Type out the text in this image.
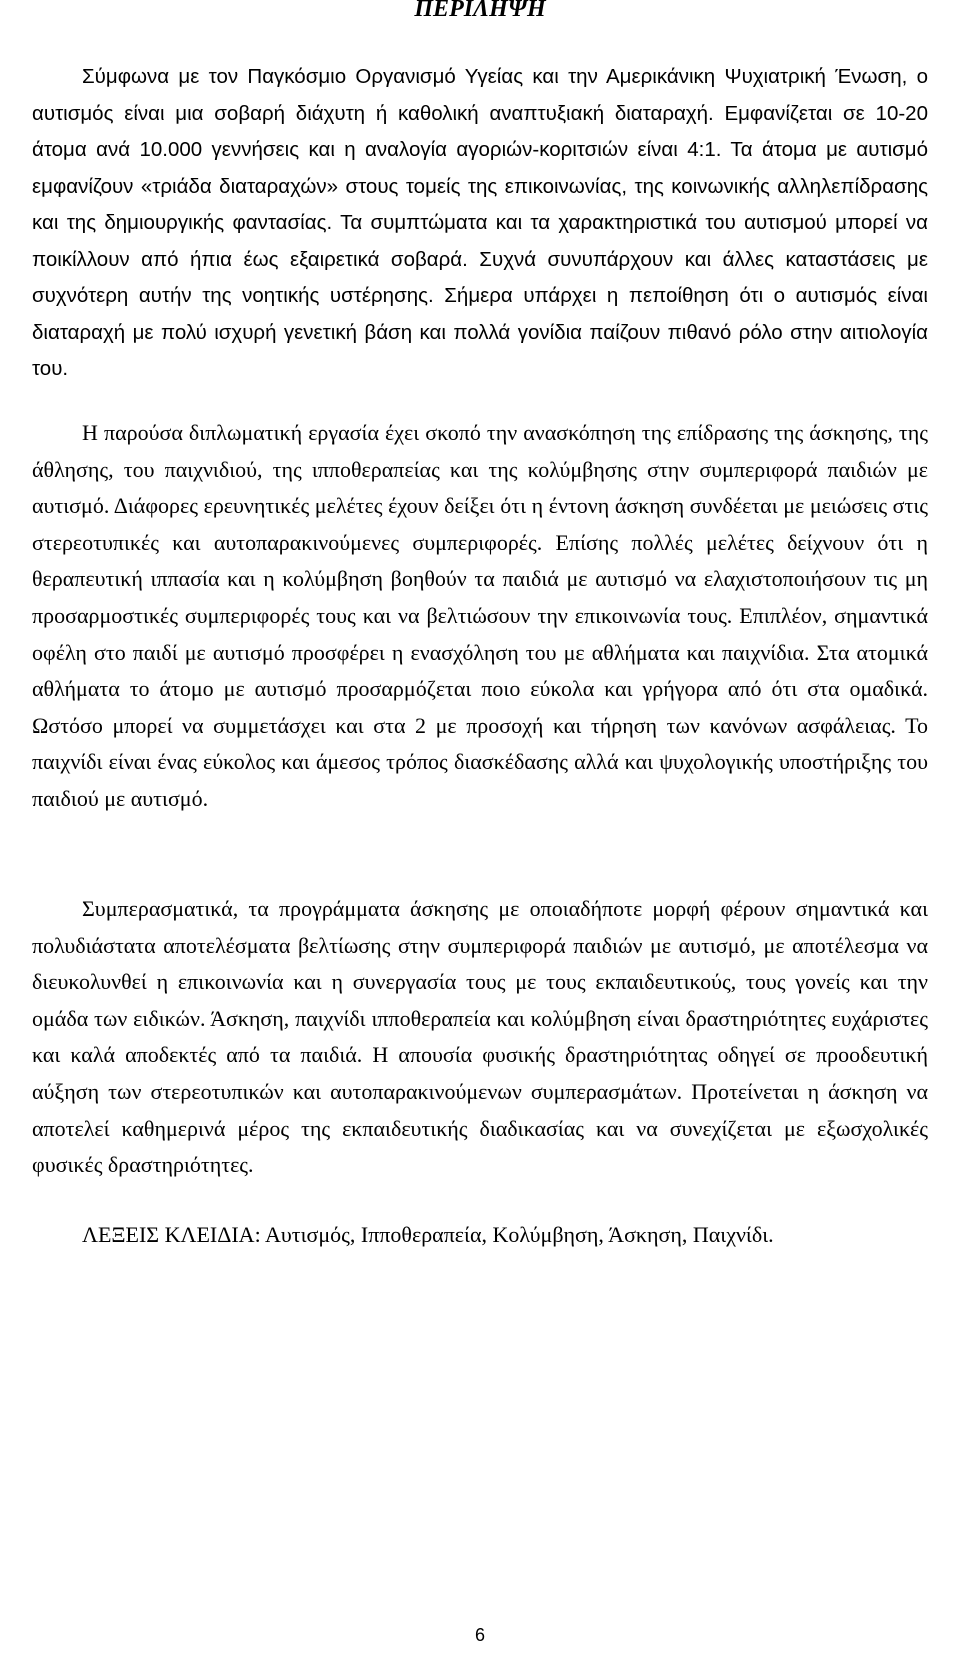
ΠΕΡΙΛΗΨΗ

Σύμφωνα με τον Παγκόσμιο Οργανισμό Υγείας και την Αμερικάνικη Ψυχιατρική Ένωση, ο αυτισμός είναι μια σοβαρή διάχυτη ή καθολική αναπτυξιακή διαταραχή. Εμφανίζεται σε 10-20 άτομα ανά 10.000 γεννήσεις και η αναλογία αγοριών-κοριτσιών είναι 4:1. Τα άτομα με αυτισμό εμφανίζουν «τριάδα διαταραχών» στους τομείς της επικοινωνίας, της κοινωνικής αλληλεπίδρασης και της δημιουργικής φαντασίας. Τα συμπτώματα και τα χαρακτηριστικά του αυτισμού μπορεί να ποικίλλουν από ήπια έως εξαιρετικά σοβαρά. Συχνά συνυπάρχουν και άλλες καταστάσεις με συχνότερη αυτήν της νοητικής υστέρησης. Σήμερα υπάρχει η πεποίθηση ότι ο αυτισμός είναι διαταραχή με πολύ ισχυρή γενετική βάση και πολλά γονίδια παίζουν πιθανό ρόλο στην αιτιολογία του.

Η παρούσα διπλωματική εργασία έχει σκοπό την ανασκόπηση της επίδρασης της άσκησης, της άθλησης, του παιχνιδιού, της ιπποθεραπείας και της κολύμβησης στην συμπεριφορά παιδιών με αυτισμό. Διάφορες ερευνητικές μελέτες έχουν δείξει ότι η έντονη άσκηση συνδέεται με μειώσεις στις στερεοτυπικές και αυτοπαρακινούμενες συμπεριφορές. Επίσης πολλές μελέτες δείχνουν ότι η θεραπευτική ιππασία και η κολύμβηση βοηθούν τα παιδιά με αυτισμό να ελαχιστοποιήσουν τις μη προσαρμοστικές συμπεριφορές τους και να βελτιώσουν την επικοινωνία τους. Επιπλέον, σημαντικά οφέλη στο παιδί με αυτισμό προσφέρει η ενασχόληση του με αθλήματα και παιχνίδια. Στα ατομικά αθλήματα το άτομο με αυτισμό προσαρμόζεται ποιο εύκολα και γρήγορα από ότι στα ομαδικά. Ωστόσο μπορεί να συμμετάσχει και στα 2 με προσοχή και τήρηση των κανόνων ασφάλειας. Το παιχνίδι είναι ένας εύκολος και άμεσος τρόπος διασκέδασης αλλά και ψυχολογικής υποστήριξης του παιδιού με αυτισμό.

Συμπερασματικά, τα προγράμματα άσκησης με οποιαδήποτε μορφή φέρουν σημαντικά και πολυδιάστατα αποτελέσματα βελτίωσης στην συμπεριφορά παιδιών με αυτισμό, με αποτέλεσμα να διευκολυνθεί η επικοινωνία και η συνεργασία τους με τους εκπαιδευτικούς, τους γονείς και την ομάδα των ειδικών. Άσκηση, παιχνίδι ιπποθεραπεία και κολύμβηση είναι δραστηριότητες ευχάριστες και καλά αποδεκτές από τα παιδιά. Η απουσία φυσικής δραστηριότητας οδηγεί σε προοδευτική αύξηση των στερεοτυπικών και αυτοπαρακινούμενων συμπερασμάτων. Προτείνεται η άσκηση να αποτελεί καθημερινά μέρος της εκπαιδευτικής διαδικασίας και να συνεχίζεται με εξωσχολικές φυσικές δραστηριότητες.

ΛΕΞΕΙΣ ΚΛΕΙΔΙΑ: Αυτισμός, Ιπποθεραπεία, Κολύμβηση, Άσκηση, Παιχνίδι.

6
